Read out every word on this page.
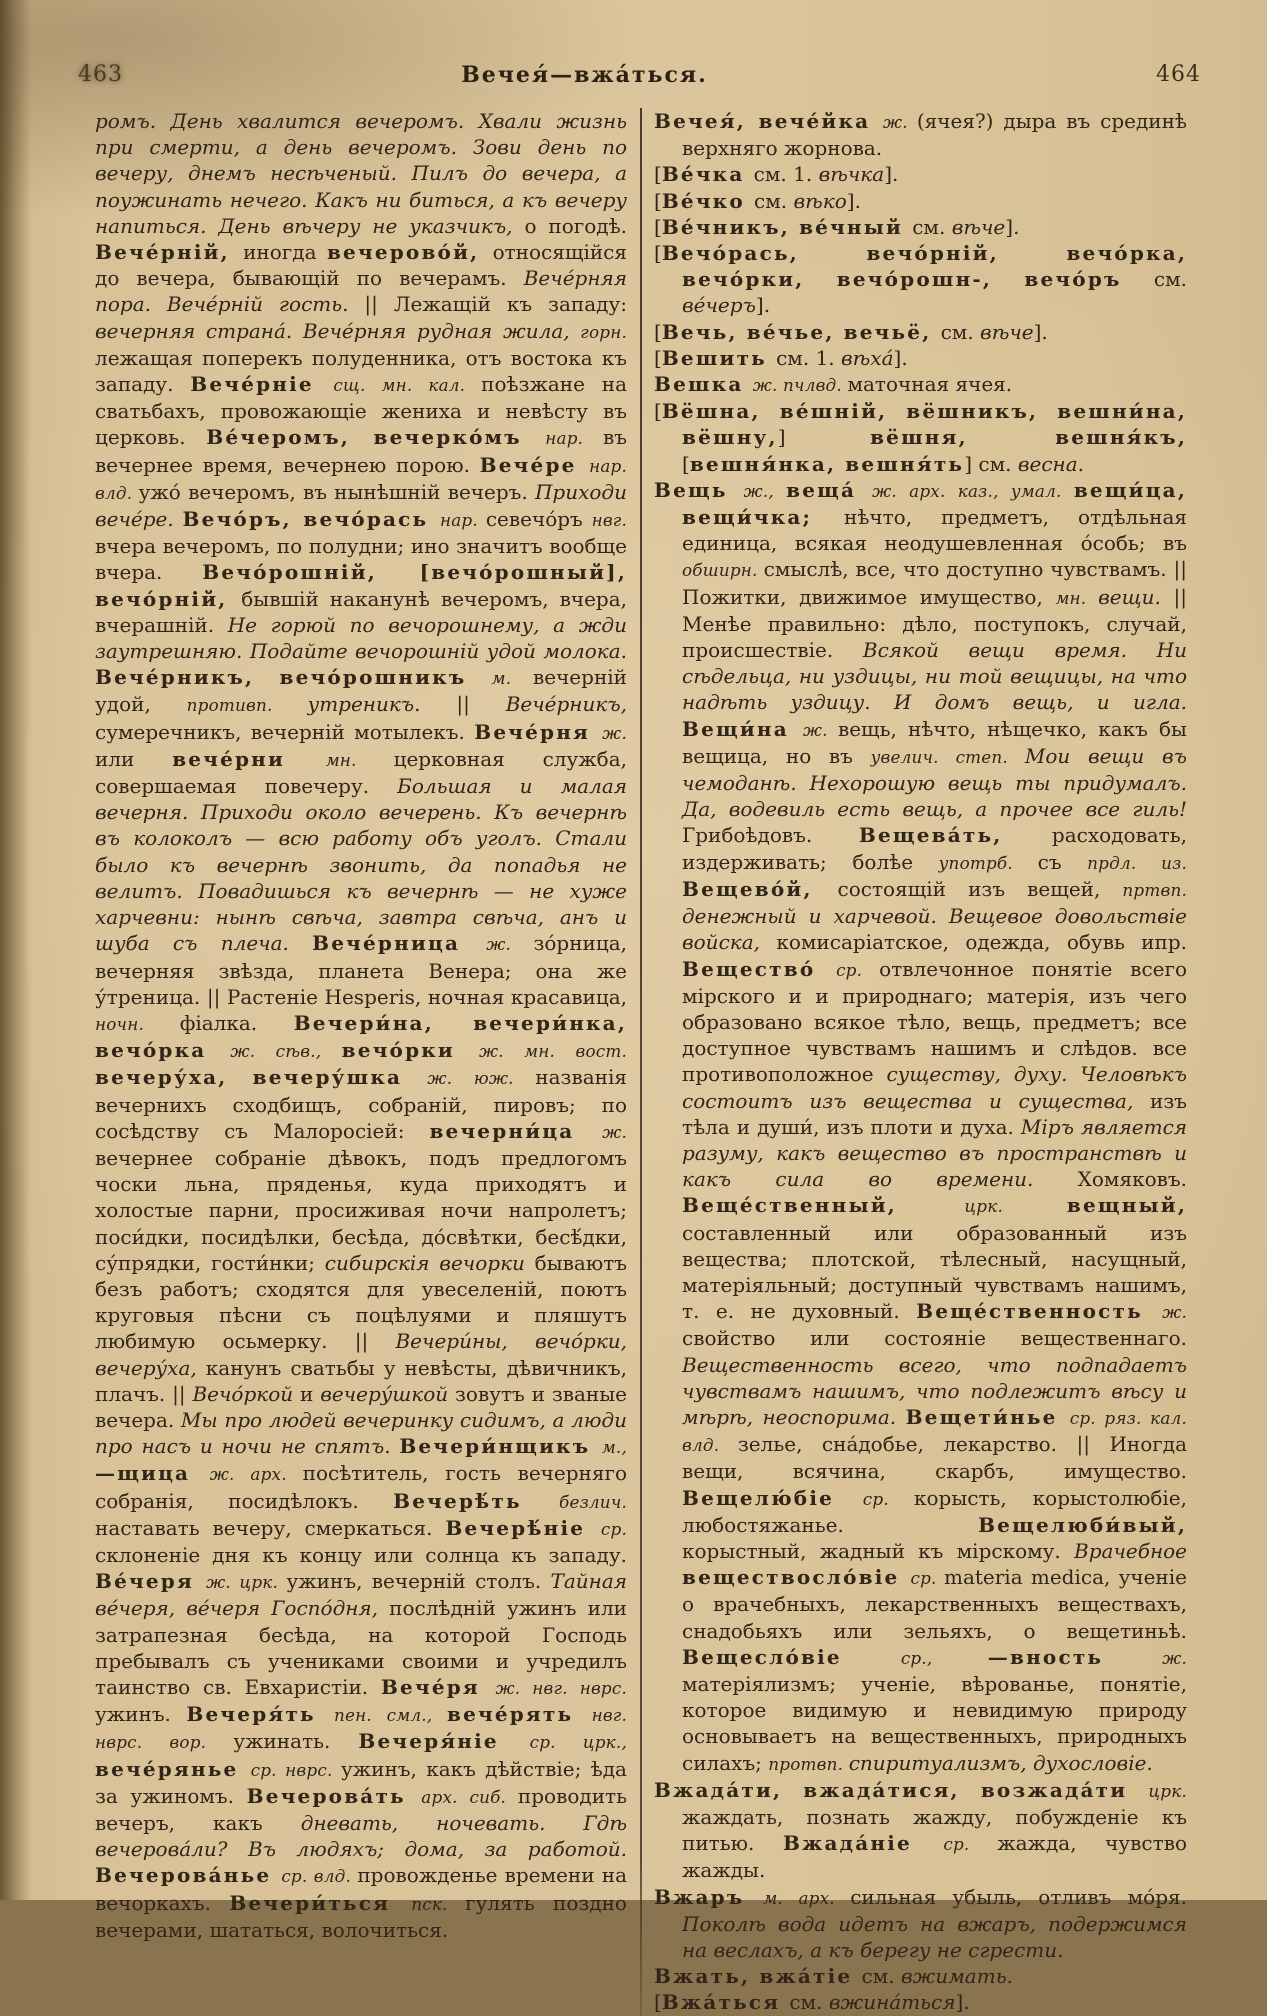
463	Вечея́—вжа́ться.	464

ромъ. День хвалится вечеромъ. Хвали жизнь при смерти, а день вечеромъ. Зови день по вечеру, днемъ несѣченый. Пилъ до вечера, а поужинать нечего. Какъ ни биться, а къ вечеру напиться. День вѣчеру не указчикъ, о погодѣ. Вече́рній, иногда вечерово́й, относящійся до вечера, бывающій по вечерамъ. Вече́рняя пора. Вече́рній гость. || Лежащій къ западу: вечерняя страна́. Вече́рняя рудная жила, горн. лежащая поперекъ полуденника, отъ востока къ западу. Вече́рніе сщ. мн. кал. поѣзжане на сватьбахъ, провожающіе жениха и невѣсту въ церковь. Ве́черомъ, вечерко́мъ нар. въ вечернее время, вечернею порою. Вече́ре нар. влд. ужо́ вечеромъ, въ нынѣшній вечеръ. Приходи вече́ре. Вечо́ръ, вечо́рась нар. севечо́ръ нвг. вчера вечеромъ, по полудни; ино значитъ вообще вчера. Вечо́рошній, [вечо́рошный], вечо́рній, бывшій наканунѣ вечеромъ, вчера, вчерашній. Не горюй по вечорошнему, а жди заутрешняю. Подайте вечорошній удой молока. Вече́рникъ, вечо́рошникъ м. вечерній удой, противп. утреникъ. || Вече́рникъ, сумеречникъ, вечерній мотылекъ. Вече́рня ж. или вече́рни мн. церковная служба, совершаемая повечеру. Большая и малая вечерня. Приходи около вечерень. Къ вечернѣ въ колоколъ — всю работу объ уголъ. Стали было къ вечернѣ звонить, да попадья не велитъ. Повадишься къ вечернѣ — не хуже харчевни: нынѣ свѣча, завтра свѣча, анъ и шуба съ плеча. Вече́рница ж. зо́рница, вечерняя звѣзда, планета Венера; она же у́треница. || Растеніе Hesperis, ночная красавица, ночн. фіалка. Вечери́на, вечери́нка, вечо́рка ж. сѣв., вечо́рки ж. мн. вост. вечеру́ха, вечеру́шка ж. юж. названія вечернихъ сходбищъ, собраній, пировъ; по сосѣдству съ Малоросіей: вечерни́ца ж. вечернее собраніе дѣвокъ, подъ предлогомъ чоски льна, пряденья, куда приходятъ и холостые парни, просиживая ночи напролетъ; поси́дки, посидѣлки, бесѣда, до́свѣтки, бесѣ́дки, су́прядки, гости́нки; сибирскія вечорки бываютъ безъ работъ; сходятся для увеселеній, поютъ круговыя пѣсни съ поцѣлуями и пляшутъ любимую осьмерку. || Вечери́ны, вечо́рки, вечеру́ха, канунъ сватьбы у невѣсты, дѣвичникъ, плачъ. || Вечо́ркой и вечеру́шкой зовутъ и званые вечера. Мы про людей вечеринку сидимъ, а люди про насъ и ночи не спятъ. Вечери́нщикъ м., —щица ж. арх. посѣтитель, гость вечерняго собранія, посидѣлокъ. Вечерѣ́ть безлич. наставать вечеру, смеркаться. Вечерѣ́ніе ср. склоненіе дня къ концу или солнца къ западу. Ве́черя ж. црк. ужинъ, вечерній столъ. Тайная ве́черя, ве́черя Госпо́дня, послѣдній ужинъ или затрапезная бесѣда, на которой Господь пребывалъ съ учениками своими и учредилъ таинство св. Евхаристіи. Вече́ря ж. нвг. нврс. ужинъ. Вечеря́ть пен. смл., вече́рять нвг. нврс. вор. ужинать. Вечеря́ніе ср. црк., вече́рянье ср. нврс. ужинъ, какъ дѣйствіе; ѣда за ужиномъ. Вечерова́ть арх. сиб. проводить вечеръ, какъ дневать, ночевать. Гдѣ вечерова́ли? Въ людяхъ; дома, за работой. Вечерова́нье ср. влд. провожденье времени на вечоркахъ. Вечери́ться пск. гулять поздно вечерами, шататься, волочиться.

Вечея́, вече́йка ж. (ячея?) дыра въ срединѣ верхняго жорнова.

[Ве́чка см. 1. вѣчка].

[Ве́чко см. вѣко].

[Ве́чникъ, ве́чный см. вѣче].

[Вечо́рась, вечо́рній, вечо́рка, вечо́рки, вечо́рошн-, вечо́ръ см. ве́черъ].

[Вечь, ве́чье, вечьё, см. вѣче].

[Вешить см. 1. вѣха́].

Вешка ж. пчлвд. маточная ячея.

[Вёшна, ве́шній, вёшникъ, вешни́на, вёшну,] вёшня, вешня́къ, [вешня́нка, вешня́ть] см. весна.

Вещь ж., веща́ ж. арх. каз., умал. вещи́ца, вещи́чка; нѣчто, предметъ, отдѣльная единица, всякая неодушевленная о́собь; въ обширн. смыслѣ, все, что доступно чувствамъ. || Пожитки, движимое имущество, мн. вещи. || Менѣе правильно: дѣло, поступокъ, случай, происшествіе. Всякой вещи время. Ни сѣдельца, ни уздицы, ни той вещицы, на что надѣть уздицу. И домъ вещь, и игла. Вещи́на ж. вещь, нѣчто, нѣщечко, какъ бы вещица, но въ увелич. степ. Мои вещи въ чемоданѣ. Нехорошую вещь ты придумалъ. Да, водевиль есть вещь, а прочее все гиль! Грибоѣдовъ. Вещева́ть, расходовать, издерживать; болѣе употрб. съ прдл. из. Вещево́й, состоящій изъ вещей, пртвп. денежный и харчевой. Вещевое довольствіе войска, комисаріатское, одежда, обувь ипр. Вещество́ ср. отвлечонное понятіе всего мірского и и природнаго; матерія, изъ чего образовано всякое тѣло, вещь, предметъ; все доступное чувствамъ нашимъ и слѣдов. все противоположное существу, духу. Человѣкъ состоитъ изъ вещества и существа, изъ тѣла и души́, изъ плоти и духа. Міръ является разуму, какъ вещество въ пространствѣ и какъ сила во времени. Хомяковъ. Веще́ственный, црк. вещный, составленный или образованный изъ вещества; плотской, тѣлесный, насущный, матеріяльный; доступный чувствамъ нашимъ, т. е. не духовный. Веще́ственность ж. свойство или состояніе вещественнаго. Вещественность всего, что подпадаетъ чувствамъ нашимъ, что подлежитъ вѣсу и мѣрѣ, неоспорима. Вещети́нье ср. ряз. кал. влд. зелье, сна́добье, лекарство. || Иногда вещи, всячина, скарбъ, имущество. Вещелю́біе ср. корысть, корыстолюбіе, любостяжанье. Вещелюби́вый, корыстный, жадный къ мірскому. Врачебное веществосло́віе ср. materia medica, ученіе о врачебныхъ, лекарственныхъ веществахъ, снадобьяхъ или зельяхъ, о вещетиньѣ. Вещесло́віе ср., —вность ж. матеріялизмъ; ученіе, вѣрованье, понятіе, которое видимую и невидимую природу основываетъ на вещественныхъ, природныхъ силахъ; протвп. спиритуализмъ, духословіе.

Вжада́ти, вжада́тися, возжада́ти црк. жаждать, познать жажду, побужденіе къ питью. Вжада́ніе ср. жажда, чувство жажды.

Вжаръ м. арх. сильная убыль, отливъ мо́ря. Поколѣ вода идетъ на вжаръ, подержимся на веслахъ, а къ берегу не сгрести.

Вжать, вжа́тіе см. вжимать.

[Вжа́ться см. вжина́ться].
